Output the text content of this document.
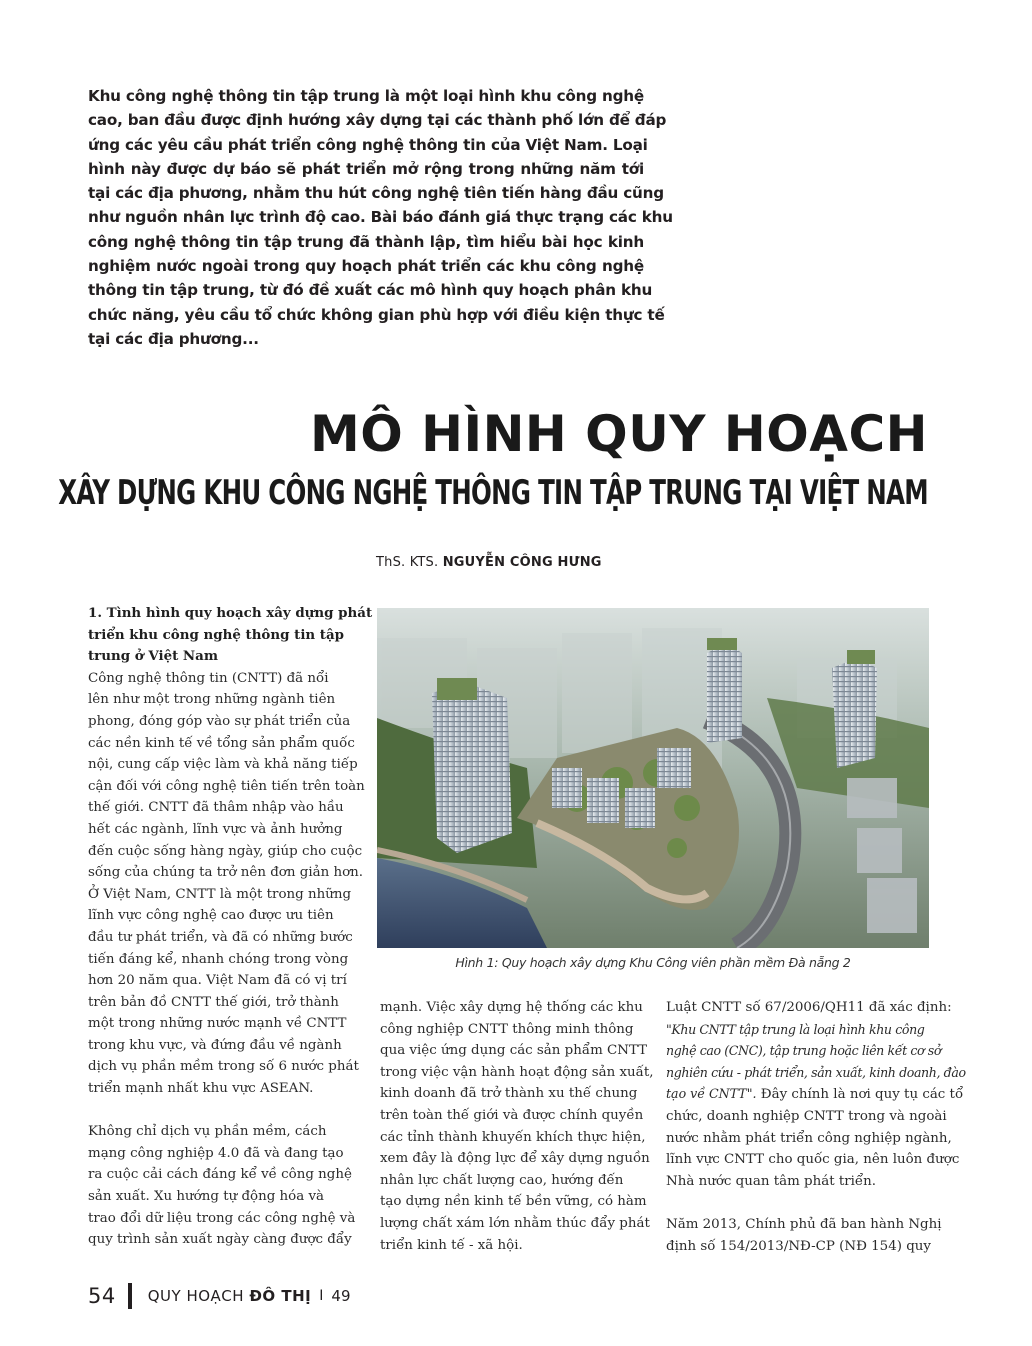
Khu công nghệ thông tin tập trung là một loại hình khu công nghệ
cao, ban đầu được định hướng xây dựng tại các thành phố lớn để đáp
ứng các yêu cầu phát triển công nghệ thông tin của Việt Nam. Loại
hình này được dự báo sẽ phát triển mở rộng trong những năm tới
tại các địa phương, nhằm thu hút công nghệ tiên tiến hàng đầu cũng
như nguồn nhân lực trình độ cao. Bài báo đánh giá thực trạng các khu
công nghệ thông tin tập trung đã thành lập, tìm hiểu bài học kinh
nghiệm nước ngoài trong quy hoạch phát triển các khu công nghệ
thông tin tập trung, từ đó đề xuất các mô hình quy hoạch phân khu
chức năng, yêu cầu tổ chức không gian phù hợp với điều kiện thực tế
tại các địa phương...
MÔ HÌNH QUY HOẠCH
XÂY DỰNG KHU CÔNG NGHỆ THÔNG TIN TẬP TRUNG TẠI VIỆT NAM
ThS. KTS. NGUYỄN CÔNG HƯNG
1. Tình hình quy hoạch xây dựng phát
triển khu công nghệ thông tin tập
trung ở Việt Nam
Công nghệ thông tin (CNTT) đã nổi
lên như một trong những ngành tiên
phong, đóng góp vào sự phát triển của
các nền kinh tế về tổng sản phẩm quốc
nội, cung cấp việc làm và khả năng tiếp
cận đối với công nghệ tiên tiến trên toàn
thế giới. CNTT đã thâm nhập vào hầu
hết các ngành, lĩnh vực và ảnh hưởng
đến cuộc sống hàng ngày, giúp cho cuộc
sống của chúng ta trở nên đơn giản hơn.
Ở Việt Nam, CNTT là một trong những
lĩnh vực công nghệ cao được ưu tiên
đầu tư phát triển, và đã có những bước
tiến đáng kể, nhanh chóng trong vòng
hơn 20 năm qua. Việt Nam đã có vị trí
trên bản đồ CNTT thế giới, trở thành
một trong những nước mạnh về CNTT
trong khu vực, và đứng đầu về ngành
dịch vụ phần mềm trong số 6 nước phát
triển mạnh nhất khu vực ASEAN.
Không chỉ dịch vụ phần mềm, cách
mạng công nghiệp 4.0 đã và đang tạo
ra cuộc cải cách đáng kể về công nghệ
sản xuất. Xu hướng tự động hóa và
trao đổi dữ liệu trong các công nghệ và
quy trình sản xuất ngày càng được đẩy
Hình 1: Quy hoạch xây dựng Khu Công viên phần mềm Đà nẵng 2
mạnh. Việc xây dựng hệ thống các khu
công nghiệp CNTT thông minh thông
qua việc ứng dụng các sản phẩm CNTT
trong việc vận hành hoạt động sản xuất,
kinh doanh đã trở thành xu thế chung
trên toàn thế giới và được chính quyền
các tỉnh thành khuyến khích thực hiện,
xem đây là động lực để xây dựng nguồn
nhân lực chất lượng cao, hướng đến
tạo dựng nền kinh tế bền vững, có hàm
lượng chất xám lớn nhằm thúc đẩy phát
triển kinh tế - xã hội.
Luật CNTT số 67/2006/QH11 đã xác định:
"Khu CNTT tập trung là loại hình khu công
nghệ cao (CNC), tập trung hoặc liên kết cơ sở
nghiên cứu - phát triển, sản xuất, kinh doanh, đào
tạo về CNTT". Đây chính là nơi quy tụ các tổ
chức, doanh nghiệp CNTT trong và ngoài
nước nhằm phát triển công nghiệp ngành,
lĩnh vực CNTT cho quốc gia, nên luôn được
Nhà nước quan tâm phát triển.
Năm 2013, Chính phủ đã ban hành Nghị
định số 154/2013/NĐ-CP (NĐ 154) quy
54 QUY HOẠCH ĐÔ THỊ I 49
